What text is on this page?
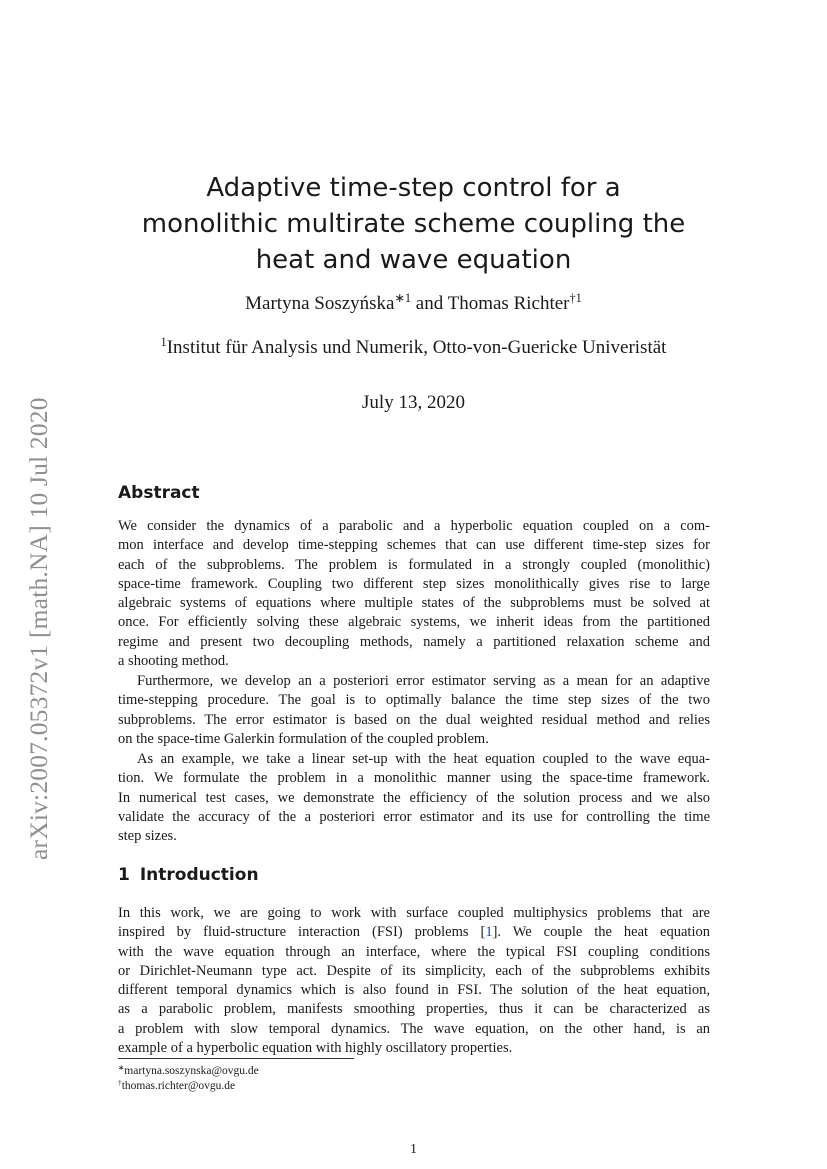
arXiv:2007.05372v1 [math.NA] 10 Jul 2020
Adaptive time-step control for a
monolithic multirate scheme coupling the
heat and wave equation
Martyna Soszyńska$^{∗1}$ and Thomas Richter$^{\dagger 1}$
$^1$Institut für Analysis und Numerik, Otto-von-Guericke Univeristät
July 13, 2020
Abstract
We consider the dynamics of a parabolic and a hyperbolic equation coupled on a com-
mon interface and develop time-stepping schemes that can use different time-step sizes for
each of the subproblems. The problem is formulated in a strongly coupled (monolithic)
space-time framework. Coupling two different step sizes monolithically gives rise to large
algebraic systems of equations where multiple states of the subproblems must be solved at
once. For efficiently solving these algebraic systems, we inherit ideas from the partitioned
regime and present two decoupling methods, namely a partitioned relaxation scheme and
a shooting method.
Furthermore, we develop an a posteriori error estimator serving as a mean for an adaptive
time-stepping procedure. The goal is to optimally balance the time step sizes of the two
subproblems. The error estimator is based on the dual weighted residual method and relies
on the space-time Galerkin formulation of the coupled problem.
As an example, we take a linear set-up with the heat equation coupled to the wave equa-
tion. We formulate the problem in a monolithic manner using the space-time framework.
In numerical test cases, we demonstrate the efficiency of the solution process and we also
validate the accuracy of the a posteriori error estimator and its use for controlling the time
step sizes.
1 Introduction
In this work, we are going to work with surface coupled multiphysics problems that are
inspired by fluid-structure interaction (FSI) problems [1]. We couple the heat equation
with the wave equation through an interface, where the typical FSI coupling conditions
or Dirichlet-Neumann type act. Despite of its simplicity, each of the subproblems exhibits
different temporal dynamics which is also found in FSI. The solution of the heat equation,
as a parabolic problem, manifests smoothing properties, thus it can be characterized as
a problem with slow temporal dynamics. The wave equation, on the other hand, is an
example of a hyperbolic equation with highly oscillatory properties.
∗martyna.soszynska@ovgu.de
†thomas.richter@ovgu.de
1
